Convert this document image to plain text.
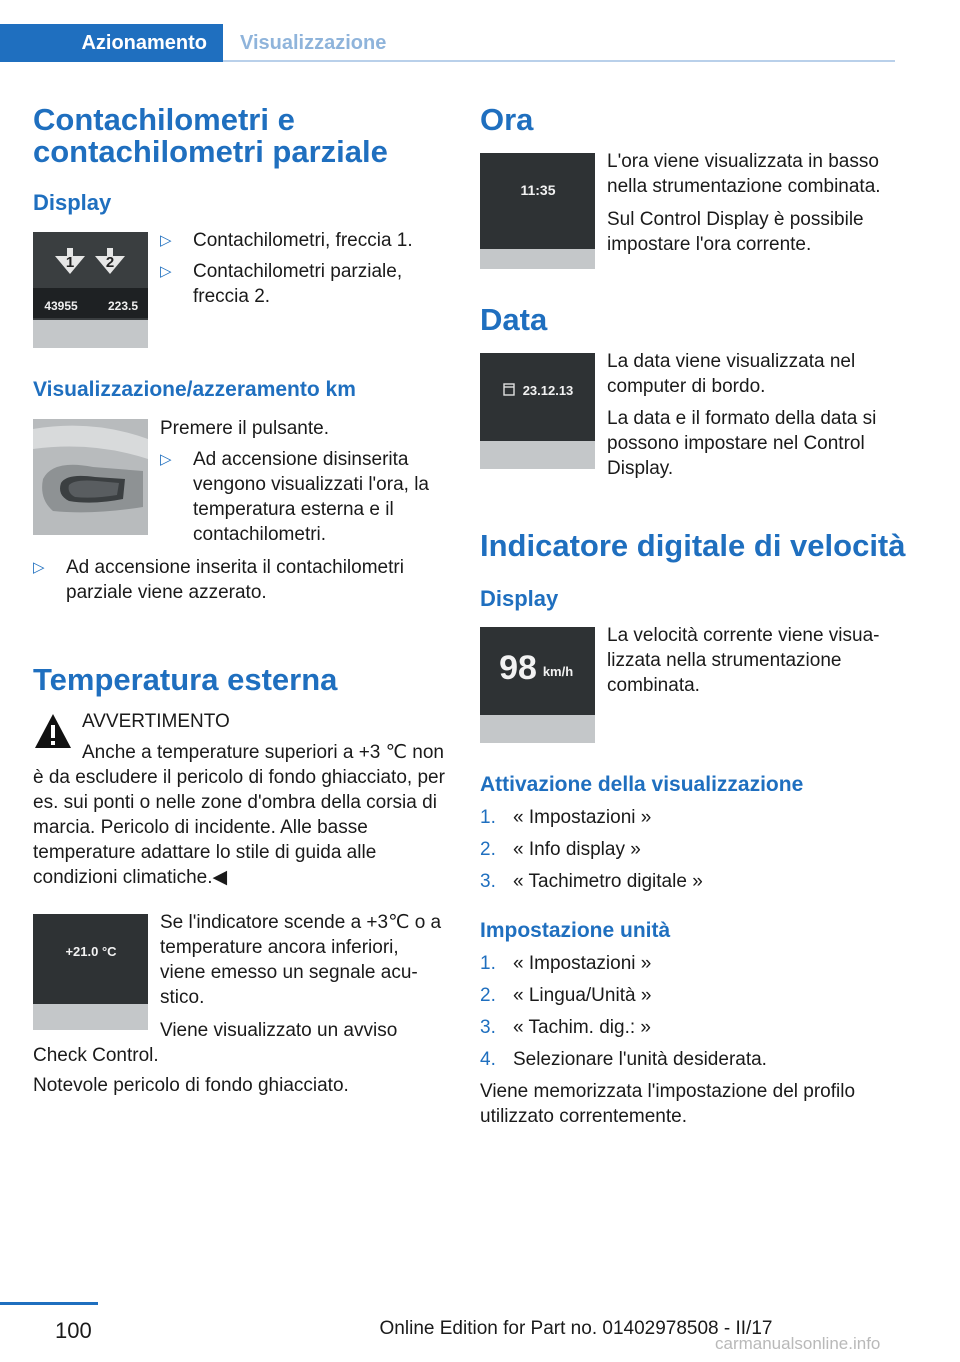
Azionamento	Visualizzazione
Contachilometri e contachilometri parziale
Display
1 2
43955	223.5
▷	Contachilometri, freccia 1.
▷	Contachilometri parziale, freccia 2.
Visualizzazione/azzeramento km
Premere il pulsante.
▷	Ad accensione disinserita vengono visualizzati l'ora, la temperatura esterna e il contachilometri.
▷	Ad accensione inserita il contachilometri parziale viene azzerato.
Temperatura esterna
AVVERTIMENTO
Anche a temperature superiori a +3 ℃ non è da escludere il pericolo di fondo ghiacciato, per es. sui ponti o nelle zone d'ombra della corsia di marcia. Pericolo di incidente. Alle basse temperature adattare lo stile di guida alle condizioni climatiche.◀
+21.0 °C
Se l'indicatore scende a +3℃ o a temperature ancora inferiori, viene emesso un segnale acustico.
Viene visualizzato un avviso Check Control.
Notevole pericolo di fondo ghiacciato.
Ora
11:35
L'ora viene visualizzata in basso nella strumentazione combinata.
Sul Control Display è possibile impostare l'ora corrente.
Data
23.12.13
La data viene visualizzata nel computer di bordo.
La data e il formato della data si possono impostare nel Control Display.
Indicatore digitale di velocità
Display
98 km/h
La velocità corrente viene visualizzata nella strumentazione combinata.
Attivazione della visualizzazione
1. « Impostazioni »
2. « Info display »
3. « Tachimetro digitale »
Impostazione unità
1. « Impostazioni »
2. « Lingua/Unità »
3. « Tachim. dig.: »
4. Selezionare l'unità desiderata.
Viene memorizzata l'impostazione del profilo utilizzato correntemente.
100	Online Edition for Part no. 01402978508 - II/17
carmanualsonline.info
